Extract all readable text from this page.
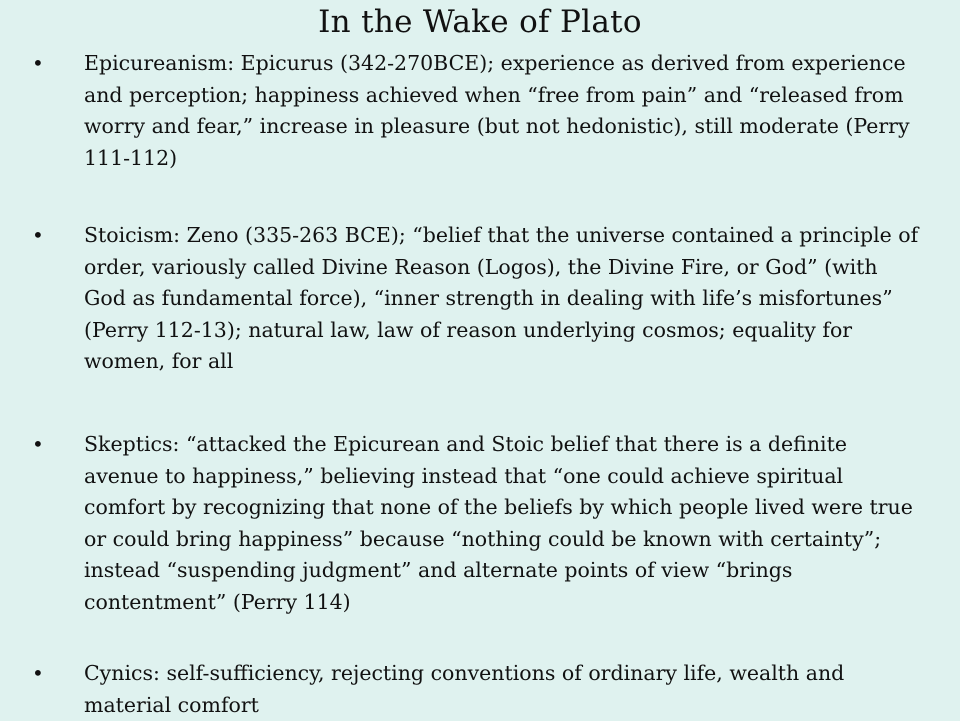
In the Wake of Plato
• Epicureanism: Epicurus (342-270BCE); experience as derived from experience and perception; happiness achieved when “free from pain” and “released from worry and fear,” increase in pleasure (but not hedonistic), still moderate (Perry 111-112)
• Stoicism: Zeno (335-263 BCE); “belief that the universe contained a principle of order, variously called Divine Reason (Logos), the Divine Fire, or God” (with God as fundamental force), “inner strength in dealing with life’s misfortunes” (Perry 112-13); natural law, law of reason underlying cosmos; equality for women, for all
• Skeptics: “attacked the Epicurean and Stoic belief that there is a definite avenue to happiness,” believing instead that “one could achieve spiritual comfort by recognizing that none of the beliefs by which people lived were true or could bring happiness” because “nothing could be known with certainty”; instead “suspending judgment” and alternate points of view “brings contentment” (Perry 114)
• Cynics: self-sufficiency, rejecting conventions of ordinary life, wealth and material comfort
